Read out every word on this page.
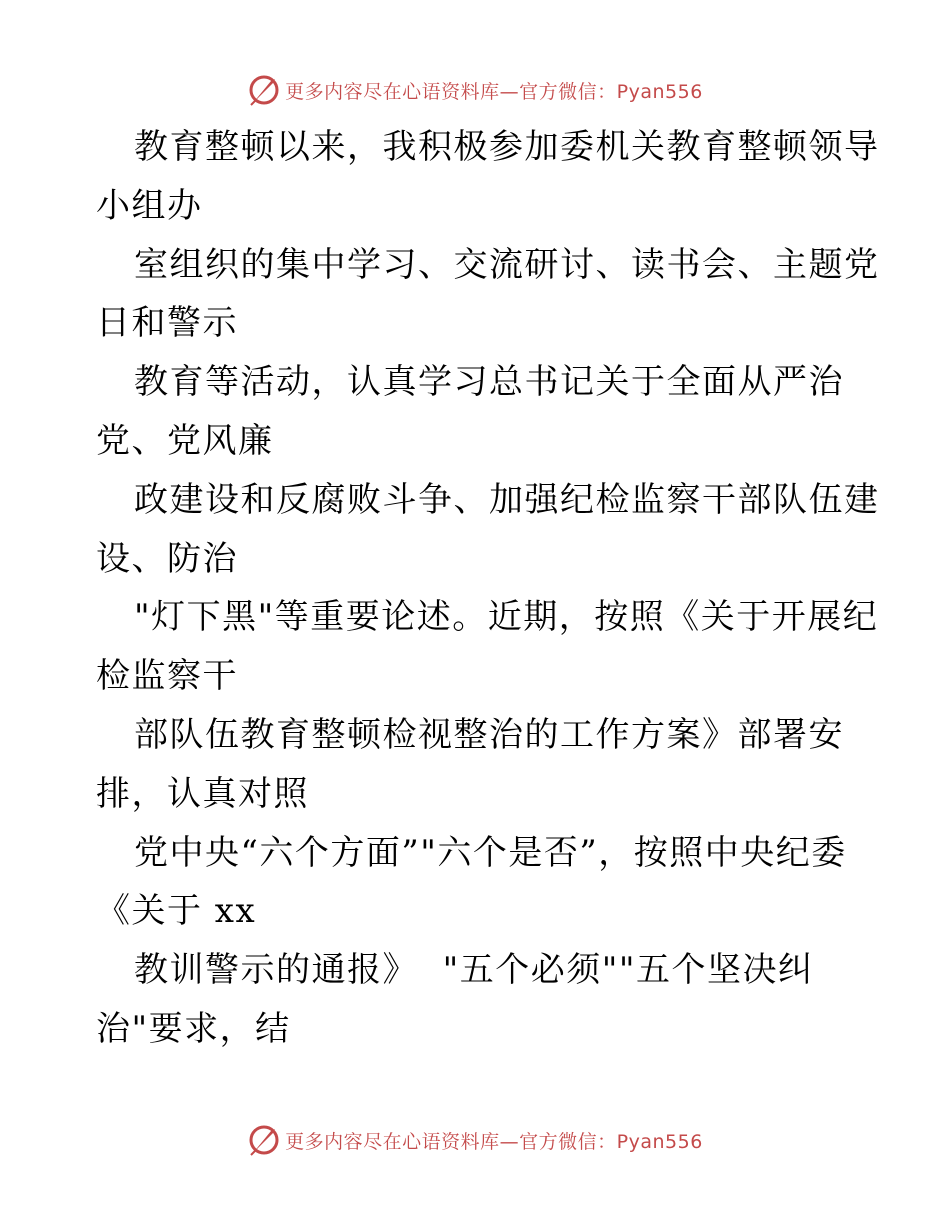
更多内容尽在心语资料库—官方微信：Pyan556
教育整顿以来，我积极参加委机关教育整顿领导
小组办
室组织的集中学习、交流研讨、读书会、主题党
日和警示
教育等活动，认真学习总书记关于全面从严治
党、党风廉
政建设和反腐败斗争、加强纪检监察干部队伍建
设、防治
"灯下黑"等重要论述。近期，按照《关于开展纪
检监察干
部队伍教育整顿检视整治的工作方案》部署安
排，认真对照
党中央“六个方面”"六个是否”，按照中央纪委
《关于 xx
教训警示的通报》  "五个必须""五个坚决纠
治"要求，结
更多内容尽在心语资料库—官方微信：Pyan556
